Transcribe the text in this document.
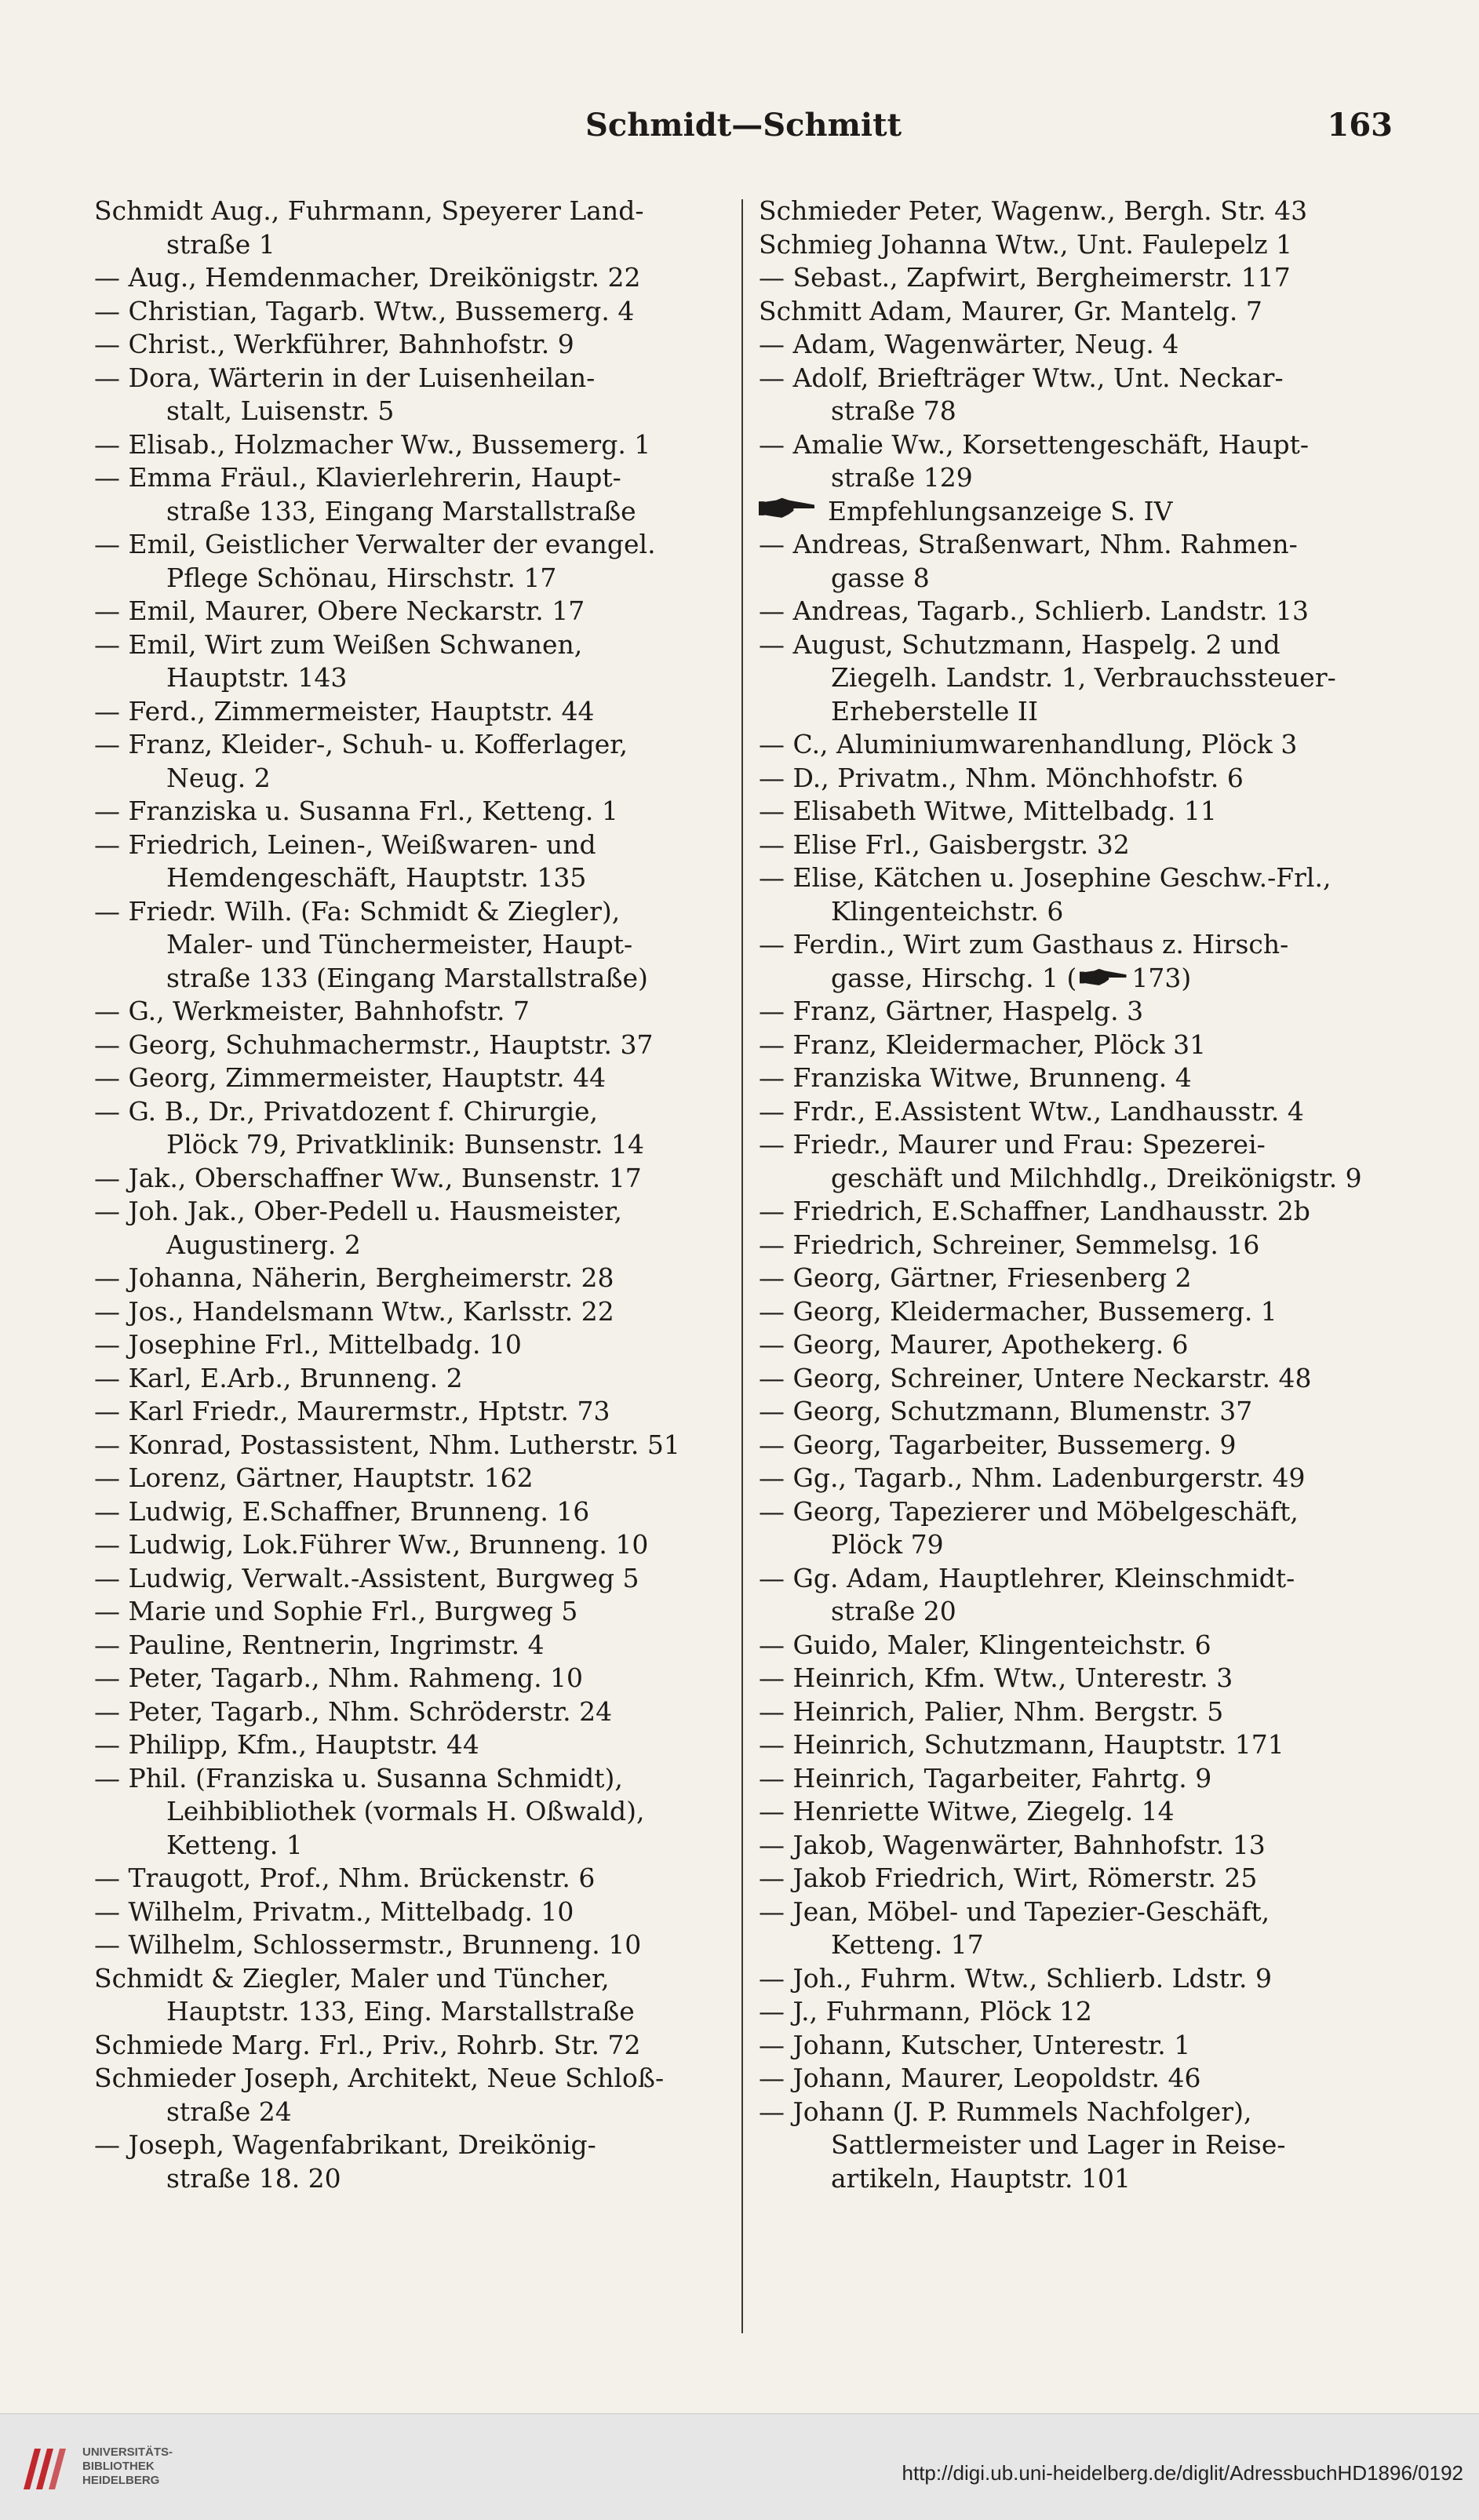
Schmidt—Schmitt	163
Schmidt Aug., Fuhrmann, Speyerer Land-
straße 1
— Aug., Hemdenmacher, Dreikönigstr. 22
— Christian, Tagarb. Wtw., Bussemerg. 4
— Christ., Werkführer, Bahnhofstr. 9
— Dora, Wärterin in der Luisenheilan-
stalt, Luisenstr. 5
— Elisab., Holzmacher Ww., Bussemerg. 1
— Emma Fräul., Klavierlehrerin, Haupt-
straße 133, Eingang Marstallstraße
— Emil, Geistlicher Verwalter der evangel.
Pflege Schönau, Hirschstr. 17
— Emil, Maurer, Obere Neckarstr. 17
— Emil, Wirt zum Weißen Schwanen,
Hauptstr. 143
— Ferd., Zimmermeister, Hauptstr. 44
— Franz, Kleider-, Schuh- u. Kofferlager,
Neug. 2
— Franziska u. Susanna Frl., Ketteng. 1
— Friedrich, Leinen-, Weißwaren- und
Hemdengeschäft, Hauptstr. 135
— Friedr. Wilh. (Fa: Schmidt & Ziegler),
Maler- und Tünchermeister, Haupt-
straße 133 (Eingang Marstallstraße)
— G., Werkmeister, Bahnhofstr. 7
— Georg, Schuhmachermstr., Hauptstr. 37
— Georg, Zimmermeister, Hauptstr. 44
— G. B., Dr., Privatdozent f. Chirurgie,
Plöck 79, Privatklinik: Bunsenstr. 14
— Jak., Oberschaffner Ww., Bunsenstr. 17
— Joh. Jak., Ober-Pedell u. Hausmeister,
Augustinerg. 2
— Johanna, Näherin, Bergheimerstr. 28
— Jos., Handelsmann Wtw., Karlsstr. 22
— Josephine Frl., Mittelbadg. 10
— Karl, E.Arb., Brunneng. 2
— Karl Friedr., Maurermstr., Hptstr. 73
— Konrad, Postassistent, Nhm. Lutherstr. 51
— Lorenz, Gärtner, Hauptstr. 162
— Ludwig, E.Schaffner, Brunneng. 16
— Ludwig, Lok.Führer Ww., Brunneng. 10
— Ludwig, Verwalt.-Assistent, Burgweg 5
— Marie und Sophie Frl., Burgweg 5
— Pauline, Rentnerin, Ingrimstr. 4
— Peter, Tagarb., Nhm. Rahmeng. 10
— Peter, Tagarb., Nhm. Schröderstr. 24
— Philipp, Kfm., Hauptstr. 44
— Phil. (Franziska u. Susanna Schmidt),
Leihbibliothek (vormals H. Oßwald),
Ketteng. 1
— Traugott, Prof., Nhm. Brückenstr. 6
— Wilhelm, Privatm., Mittelbadg. 10
— Wilhelm, Schlossermstr., Brunneng. 10
Schmidt & Ziegler, Maler und Tüncher,
Hauptstr. 133, Eing. Marstallstraße
Schmiede Marg. Frl., Priv., Rohrb. Str. 72
Schmieder Joseph, Architekt, Neue Schloß-
straße 24
— Joseph, Wagenfabrikant, Dreikönig-
straße 18. 20
Schmieder Peter, Wagenw., Bergh. Str. 43
Schmieg Johanna Wtw., Unt. Faulepelz 1
— Sebast., Zapfwirt, Bergheimerstr. 117
Schmitt Adam, Maurer, Gr. Mantelg. 7
— Adam, Wagenwärter, Neug. 4
— Adolf, Briefträger Wtw., Unt. Neckar-
straße 78
— Amalie Ww., Korsettengeschäft, Haupt-
straße 129
Empfehlungsanzeige S. IV
— Andreas, Straßenwart, Nhm. Rahmen-
gasse 8
— Andreas, Tagarb., Schlierb. Landstr. 13
— August, Schutzmann, Haspelg. 2 und
Ziegelh. Landstr. 1, Verbrauchssteuer-
Erheberstelle II
— C., Aluminiumwarenhandlung, Plöck 3
— D., Privatm., Nhm. Mönchhofstr. 6
— Elisabeth Witwe, Mittelbadg. 11
— Elise Frl., Gaisbergstr. 32
— Elise, Kätchen u. Josephine Geschw.-Frl.,
Klingenteichstr. 6
— Ferdin., Wirt zum Gasthaus z. Hirsch-
gasse, Hirschg. 1 ( 173)
— Franz, Gärtner, Haspelg. 3
— Franz, Kleidermacher, Plöck 31
— Franziska Witwe, Brunneng. 4
— Frdr., E.Assistent Wtw., Landhausstr. 4
— Friedr., Maurer und Frau: Spezerei-
geschäft und Milchhdlg., Dreikönigstr. 9
— Friedrich, E.Schaffner, Landhausstr. 2b
— Friedrich, Schreiner, Semmelsg. 16
— Georg, Gärtner, Friesenberg 2
— Georg, Kleidermacher, Bussemerg. 1
— Georg, Maurer, Apothekerg. 6
— Georg, Schreiner, Untere Neckarstr. 48
— Georg, Schutzmann, Blumenstr. 37
— Georg, Tagarbeiter, Bussemerg. 9
— Gg., Tagarb., Nhm. Ladenburgerstr. 49
— Georg, Tapezierer und Möbelgeschäft,
Plöck 79
— Gg. Adam, Hauptlehrer, Kleinschmidt-
straße 20
— Guido, Maler, Klingenteichstr. 6
— Heinrich, Kfm. Wtw., Unterestr. 3
— Heinrich, Palier, Nhm. Bergstr. 5
— Heinrich, Schutzmann, Hauptstr. 171
— Heinrich, Tagarbeiter, Fahrtg. 9
— Henriette Witwe, Ziegelg. 14
— Jakob, Wagenwärter, Bahnhofstr. 13
— Jakob Friedrich, Wirt, Römerstr. 25
— Jean, Möbel- und Tapezier-Geschäft,
Ketteng. 17
— Joh., Fuhrm. Wtw., Schlierb. Ldstr. 9
— J., Fuhrmann, Plöck 12
— Johann, Kutscher, Unterestr. 1
— Johann, Maurer, Leopoldstr. 46
— Johann (J. P. Rummels Nachfolger),
Sattlermeister und Lager in Reise-
artikeln, Hauptstr. 101
UNIVERSITÄTS-
BIBLIOTHEK
HEIDELBERG	http://digi.ub.uni-heidelberg.de/diglit/AdressbuchHD1896/0192
